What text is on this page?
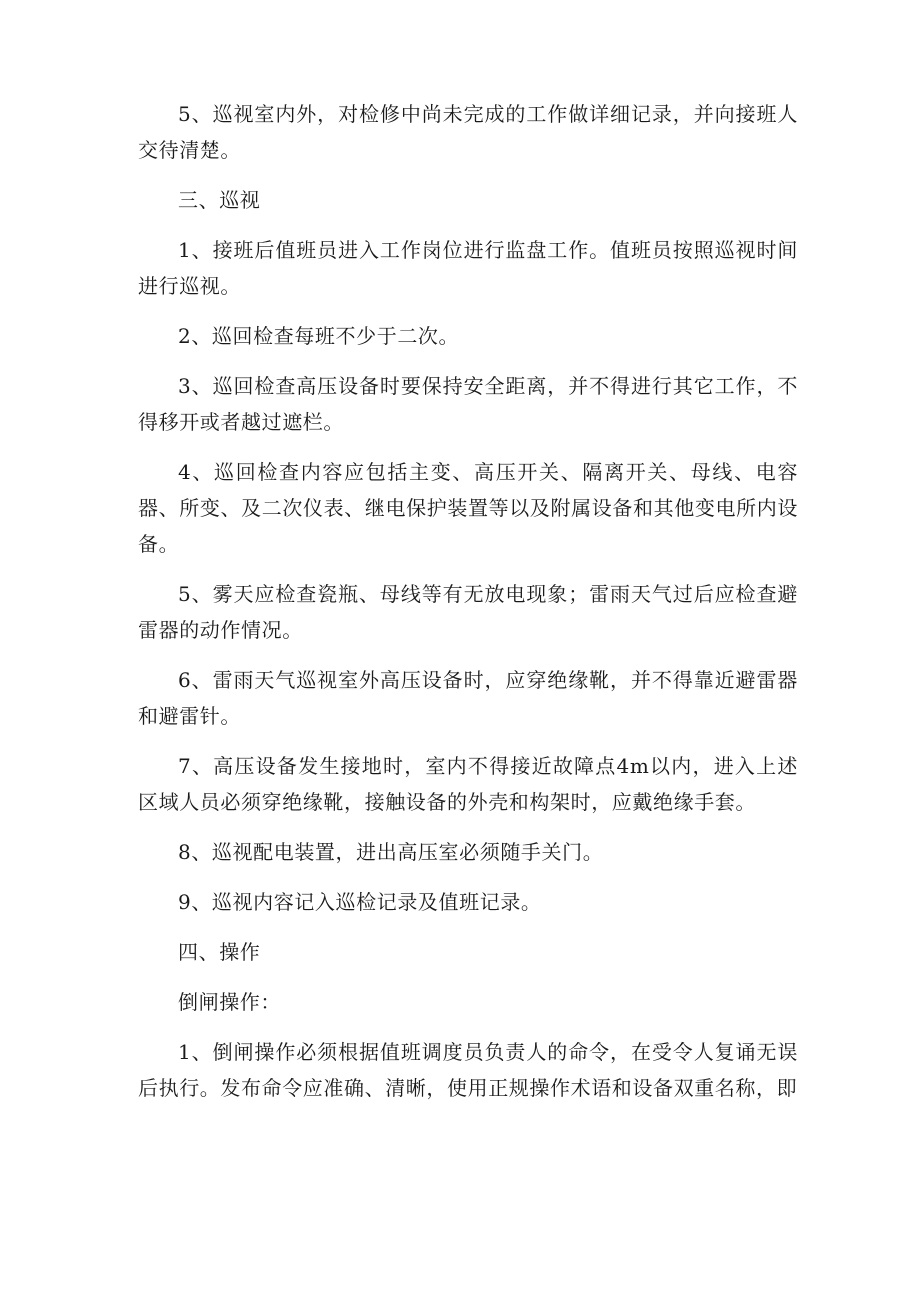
5、巡视室内外，对检修中尚未完成的工作做详细记录，并向接班人交待清楚。

三、巡视

1、接班后值班员进入工作岗位进行监盘工作。值班员按照巡视时间进行巡视。

2、巡回检查每班不少于二次。

3、巡回检查高压设备时要保持安全距离，并不得进行其它工作，不得移开或者越过遮栏。

4、巡回检查内容应包括主变、高压开关、隔离开关、母线、电容器、所变、及二次仪表、继电保护装置等以及附属设备和其他变电所内设备。

5、雾天应检查瓷瓶、母线等有无放电现象；雷雨天气过后应检查避雷器的动作情况。

6、雷雨天气巡视室外高压设备时，应穿绝缘靴，并不得靠近避雷器和避雷针。

7、高压设备发生接地时，室内不得接近故障点4m以内，进入上述区域人员必须穿绝缘靴，接触设备的外壳和构架时，应戴绝缘手套。

8、巡视配电装置，进出高压室必须随手关门。

9、巡视内容记入巡检记录及值班记录。

四、操作

倒闸操作：

1、倒闸操作必须根据值班调度员负责人的命令，在受令人复诵无误后执行。发布命令应准确、清晰，使用正规操作术语和设备双重名称，即
